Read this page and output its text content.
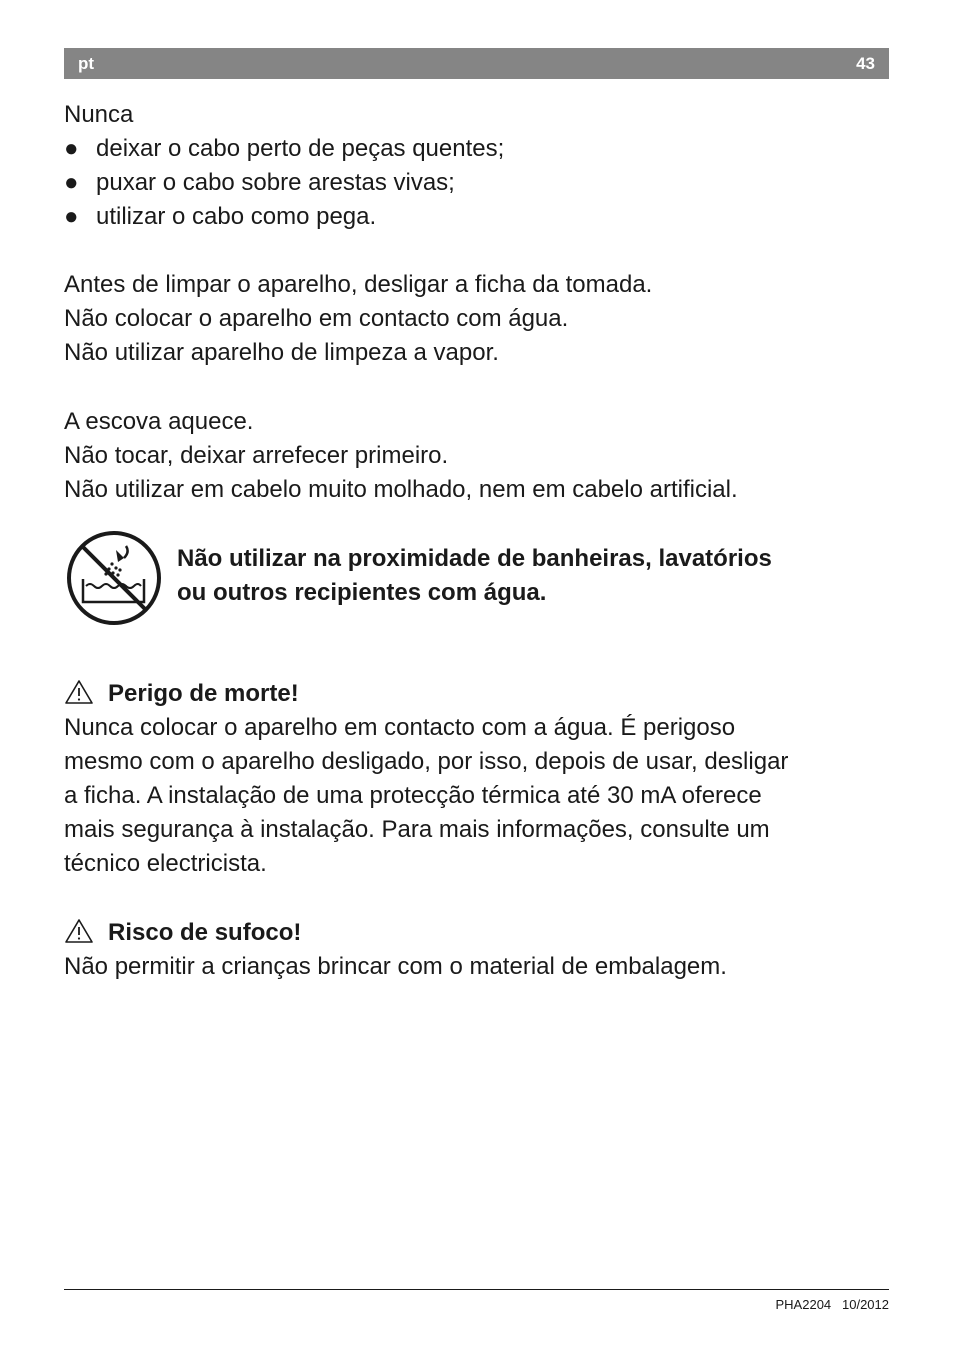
pt	43
Nunca
● deixar o cabo perto de peças quentes;
● puxar o cabo sobre arestas vivas;
● utilizar o cabo como pega.
Antes de limpar o aparelho, desligar a ficha da tomada.
Não colocar o aparelho em contacto com água.
Não utilizar aparelho de limpeza a vapor.
A escova aquece.
Não tocar, deixar arrefecer primeiro.
Não utilizar em cabelo muito molhado, nem em cabelo artificial.
Não utilizar na proximidade de banheiras, lavatórios
ou outros recipientes com água.
Perigo de morte!
Nunca colocar o aparelho em contacto com a água. É perigoso
mesmo com o aparelho desligado, por isso, depois de usar, desligar
a ficha. A instalação de uma protecção térmica até 30 mA oferece
mais segurança à instalação. Para mais informações, consulte um
técnico electricista.
Risco de sufoco!
Não permitir a crianças brincar com o material de embalagem.
PHA2204 10/2012
